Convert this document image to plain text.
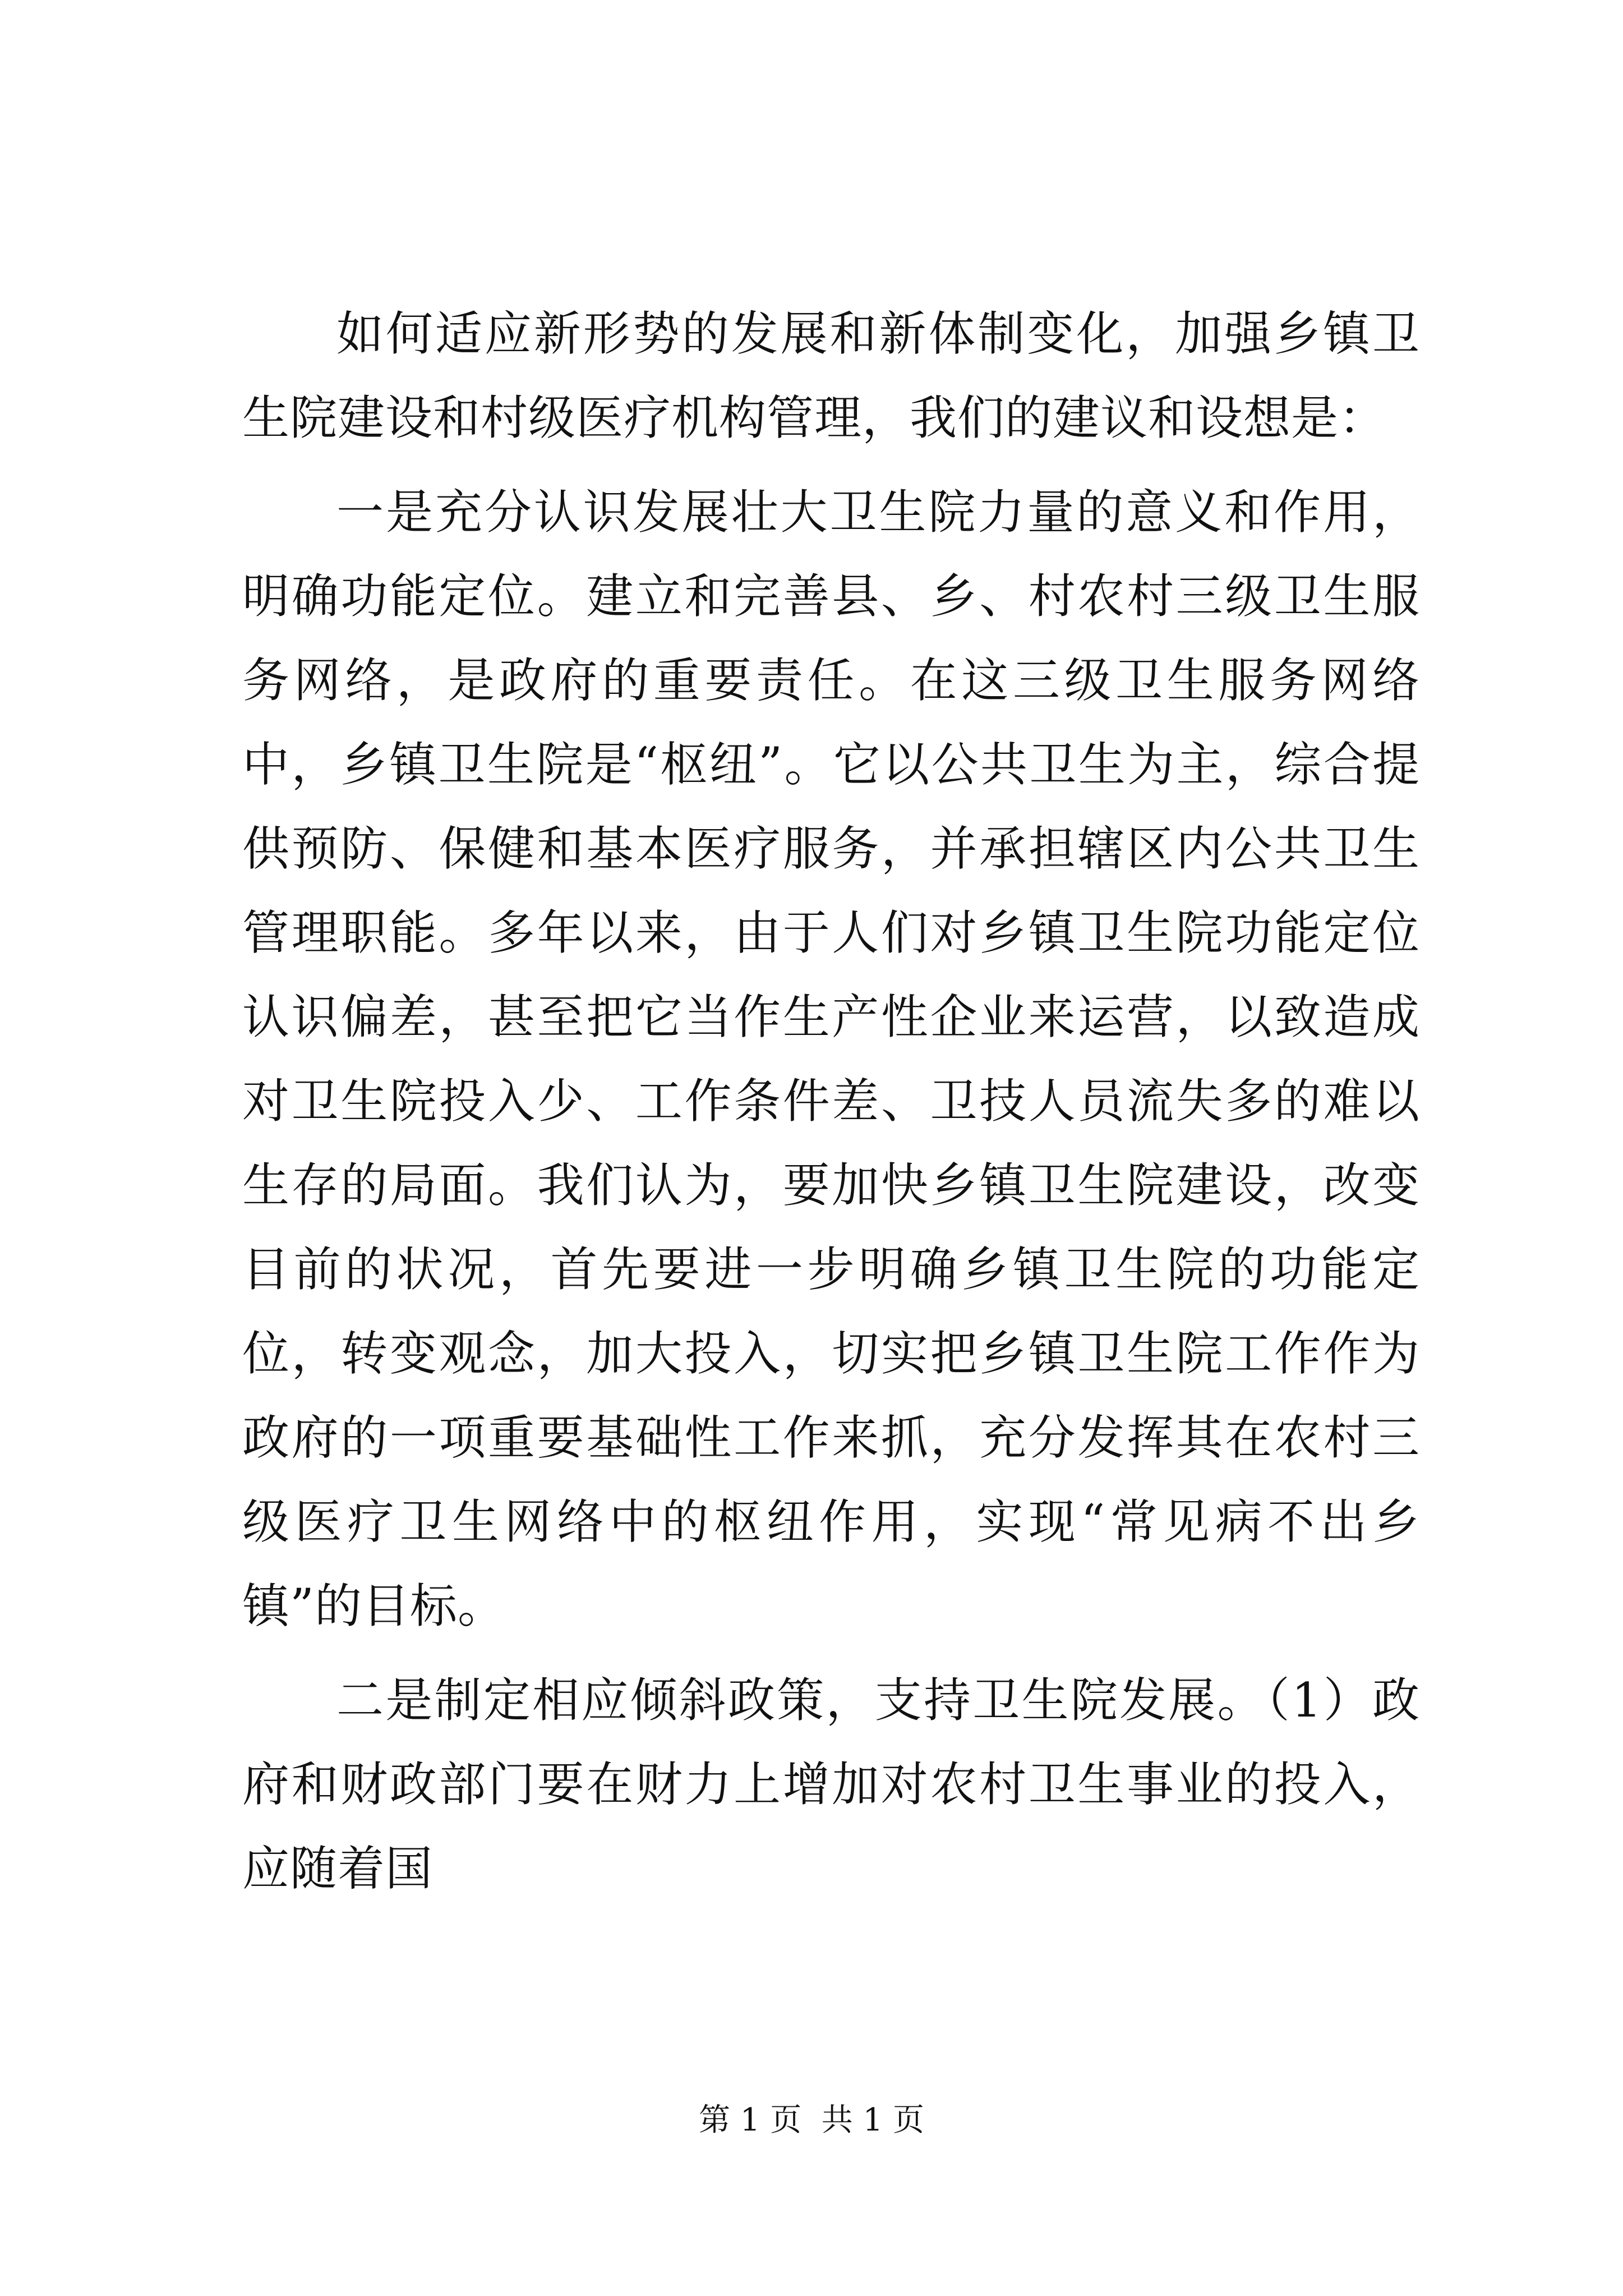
如何适应新形势的发展和新体制变化，加强乡镇卫生院建设和村级医疗机构管理，我们的建议和设想是：

一是充分认识发展壮大卫生院力量的意义和作用，明确功能定位。建立和完善县、乡、村农村三级卫生服务网络，是政府的重要责任。在这三级卫生服务网络中，乡镇卫生院是“枢纽”。它以公共卫生为主，综合提供预防、保健和基本医疗服务，并承担辖区内公共卫生管理职能。多年以来，由于人们对乡镇卫生院功能定位认识偏差，甚至把它当作生产性企业来运营，以致造成对卫生院投入少、工作条件差、卫技人员流失多的难以生存的局面。我们认为，要加快乡镇卫生院建设，改变目前的状况，首先要进一步明确乡镇卫生院的功能定位，转变观念，加大投入，切实把乡镇卫生院工作作为政府的一项重要基础性工作来抓，充分发挥其在农村三级医疗卫生网络中的枢纽作用，实现“常见病不出乡镇”的目标。

二是制定相应倾斜政策，支持卫生院发展。（1）政府和财政部门要在财力上增加对农村卫生事业的投入，应随着国

第 1 页  共 1 页
